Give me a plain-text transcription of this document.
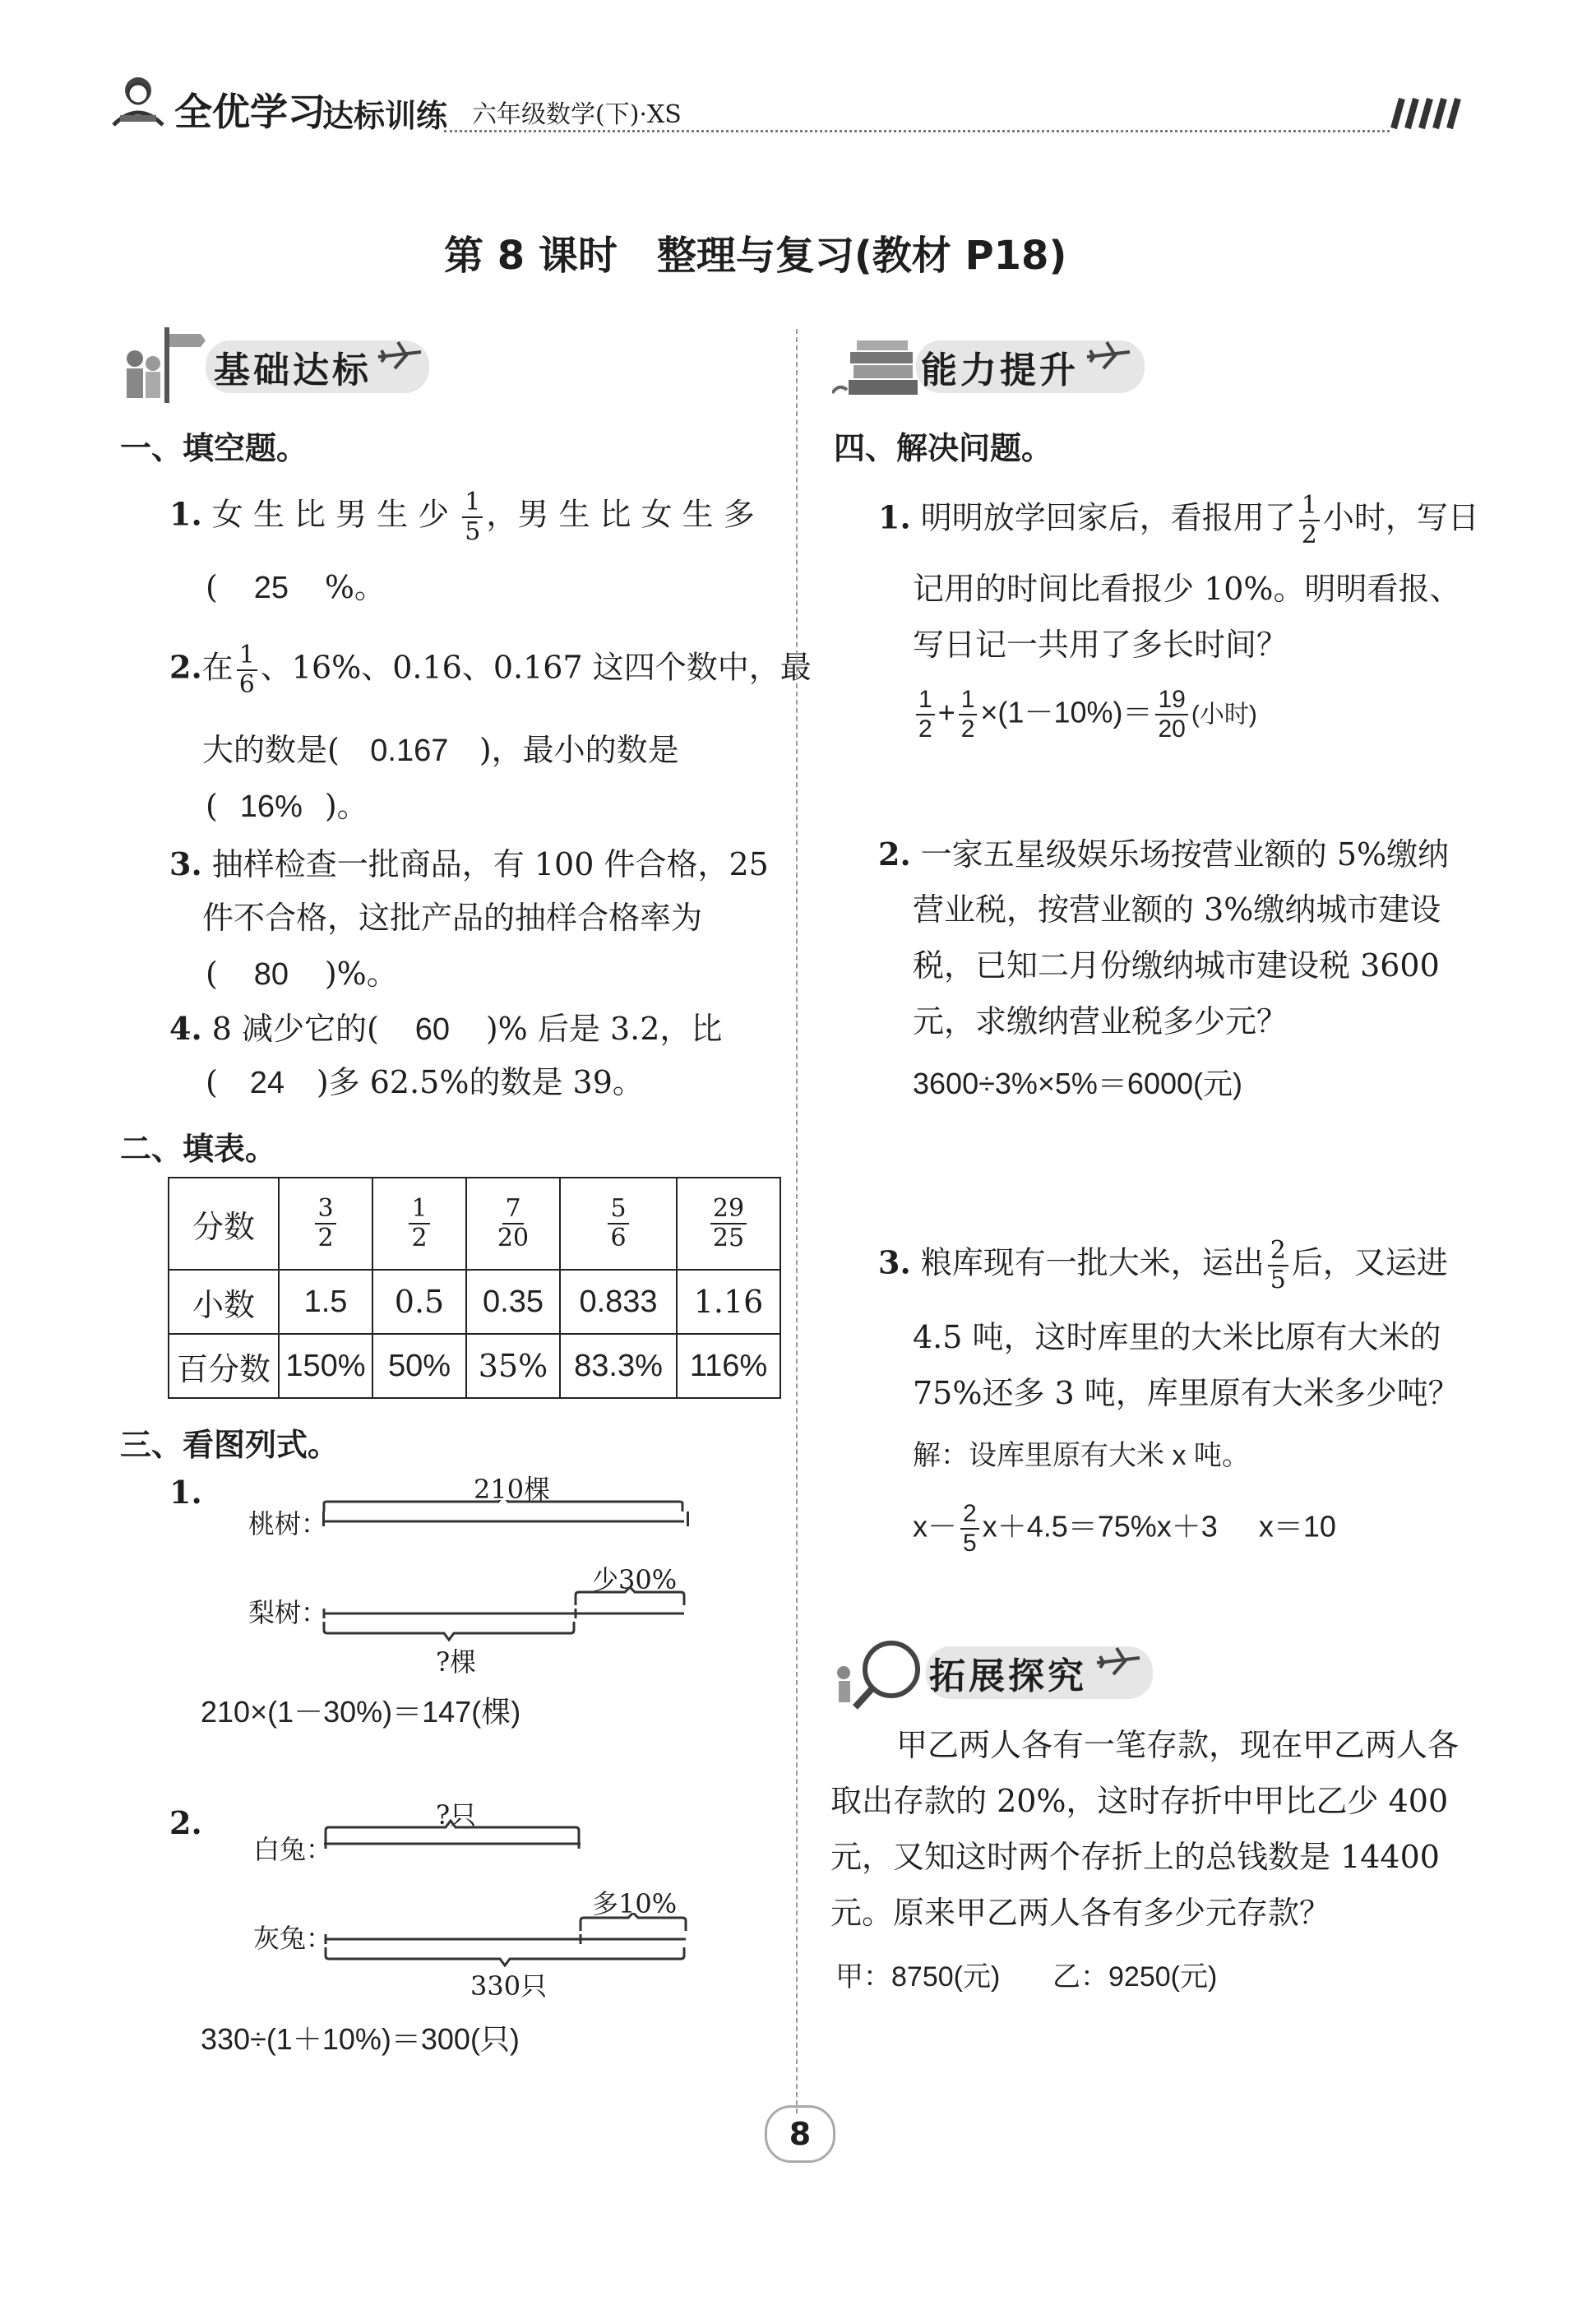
全优学习
达标训练 六年级数学(下)·XS
第 8 课时　整理与复习(教材 P18)
基础达标
一、填空题。
1. 女 生 比 男 生 少 $\frac{1}{5}$ ，男 生 比 女 生 多
( 25 %。
2.在 $\frac{1}{6}$ 、16%、0.16、0.167 这四个数中，最
大的数是( 0.167 )，最小的数是
( 16% )。
3. 抽样检查一批商品，有 100 件合格，25
件不合格，这批产品的抽样合格率为
( 80 )%。
4. 8 减少它的( 60 )% 后是 3.2，比
( 24 )多 62.5%的数是 39。
二、填表。
分数	$\frac{3}{2}$	$\frac{1}{2}$	$\frac{7}{20}$	$\frac{5}{6}$	$\frac{29}{25}$

小数	1.5	0.5	0.35	0.833	1.16
百分数	150%	50%	35%	83.3%	116%
三、看图列式。
1.	210棵
桃树：
少30%
梨树：
?棵
210×(1－30%)＝147(棵)
2.	?只
白兔：
多10%
灰兔：
330只
330÷(1＋10%)＝300(只)
能力提升
四、解决问题。
1. 明明放学回家后，看报用了 $\frac{1}{2}$ 小时，写日
记用的时间比看报少 10%。明明看报、
写日记一共用了多长时间？
$\frac{1}{2} + \frac{1}{2} \times(1-10\%)= \frac{19}{20}$ (小时)
2. 一家五星级娱乐场按营业额的 5%缴纳
营业税，按营业额的 3%缴纳城市建设
税，已知二月份缴纳城市建设税 3600
元，求缴纳营业税多少元？
3600÷3%×5%＝6000(元)
3. 粮库现有一批大米，运出 $\frac{2}{5}$ 后，又运进
4.5 吨，这时库里的大米比原有大米的
75%还多 3 吨，库里原有大米多少吨？
解：设库里原有大米 x 吨。
$x- \frac{2}{5} x+4.5=75\%x+3$ x＝10
拓展探究
甲乙两人各有一笔存款，现在甲乙两人各
取出存款的 20%，这时存折中甲比乙少 400
元，又知这时两个存折上的总钱数是 14400
元。原来甲乙两人各有多少元存款？
甲：8750(元) 乙：9250(元)
8
